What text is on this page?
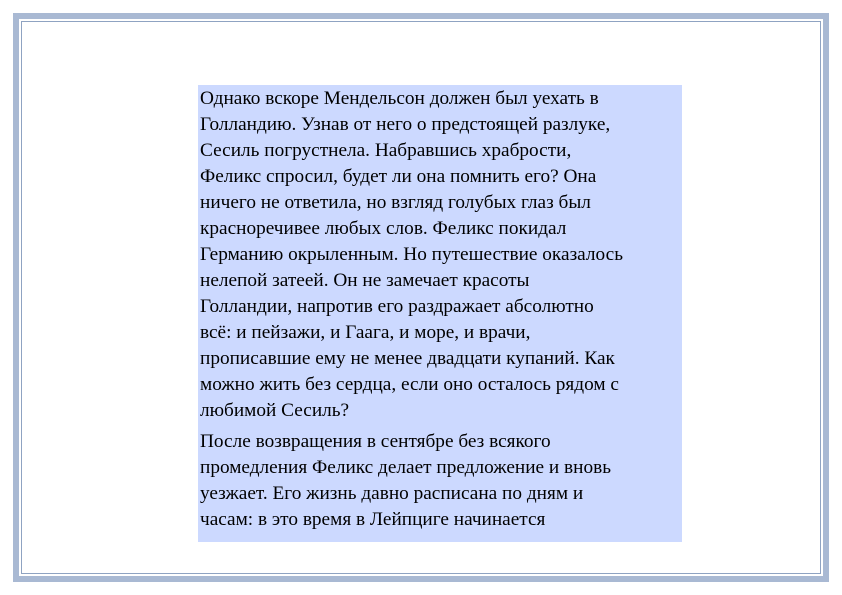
Однако вскоре Мендельсон должен был уехать в
Голландию. Узнав от него о предстоящей разлуке,
Сесиль погрустнела. Набравшись храбрости,
Феликс спросил, будет ли она помнить его? Она
ничего не ответила, но взгляд голубых глаз был
красноречивее любых слов. Феликс покидал
Германию окрыленным. Но путешествие оказалось
нелепой затеей. Он не замечает красоты
Голландии, напротив его раздражает абсолютно
всё: и пейзажи, и Гаага, и море, и врачи,
прописавшие ему не менее двадцати купаний. Как
можно жить без сердца, если оно осталось рядом с
любимой Сесиль?

После возвращения в сентябре без всякого
промедления Феликс делает предложение и вновь
уезжает. Его жизнь давно расписана по дням и
часам: в это время в Лейпциге начинается
